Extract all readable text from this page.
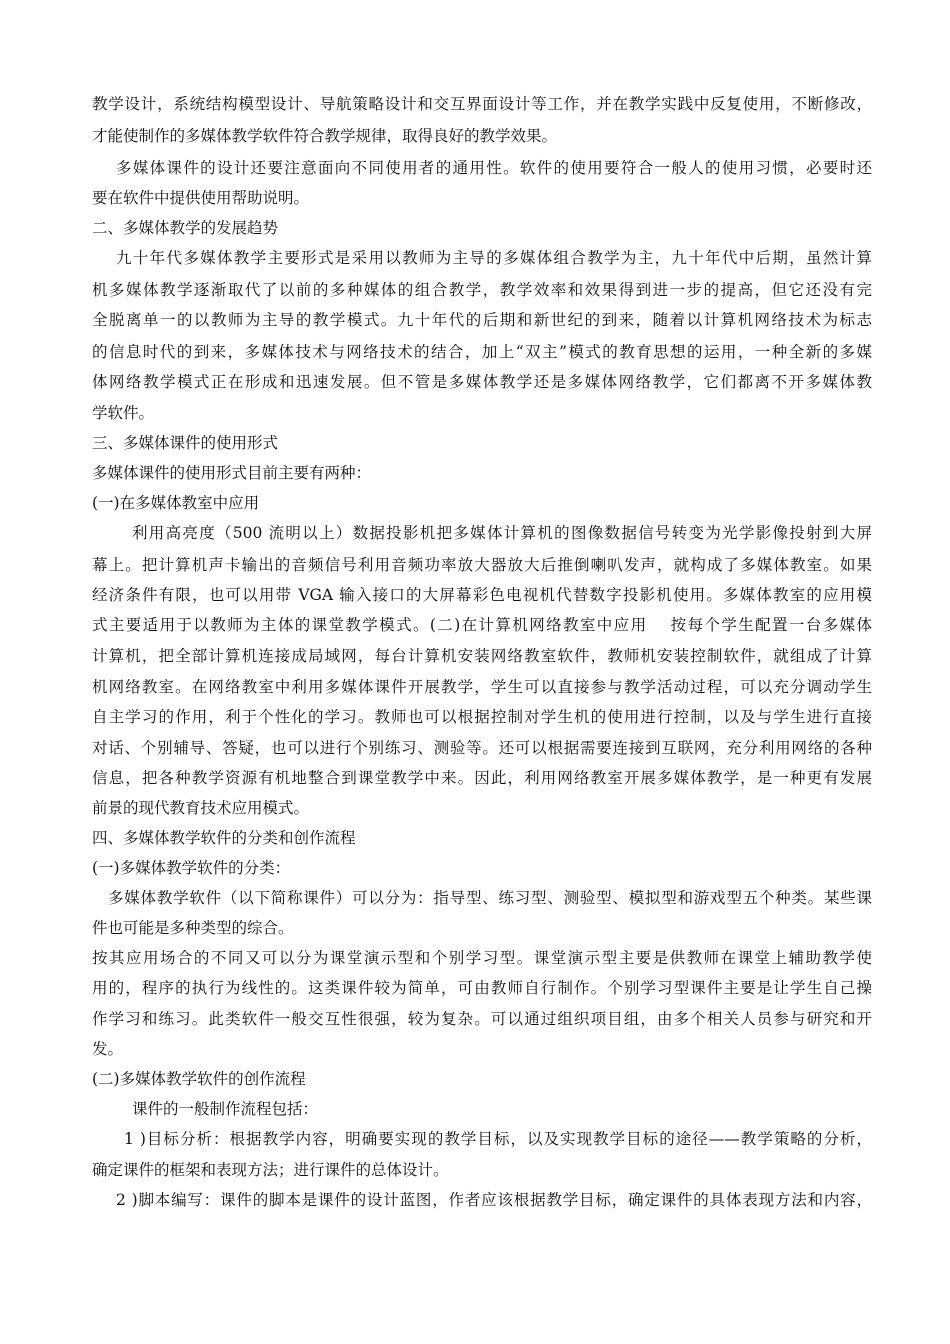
教学设计，系统结构模型设计、导航策略设计和交互界面设计等工作，并在教学实践中反复使用，不断修改，
才能使制作的多媒体教学软件符合教学规律，取得良好的教学效果。
多媒体课件的设计还要注意面向不同使用者的通用性。软件的使用要符合一般人的使用习惯，必要时还
要在软件中提供使用帮助说明。
二、多媒体教学的发展趋势
九十年代多媒体教学主要形式是采用以教师为主导的多媒体组合教学为主，九十年代中后期，虽然计算
机多媒体教学逐渐取代了以前的多种媒体的组合教学，教学效率和效果得到进一步的提高，但它还没有完
全脱离单一的以教师为主导的教学模式。九十年代的后期和新世纪的到来，随着以计算机网络技术为标志
的信息时代的到来，多媒体技术与网络技术的结合，加上“双主”模式的教育思想的运用，一种全新的多媒
体网络教学模式正在形成和迅速发展。但不管是多媒体教学还是多媒体网络教学，它们都离不开多媒体教
学软件。
三、多媒体课件的使用形式
多媒体课件的使用形式目前主要有两种：
(一)在多媒体教室中应用
利用高亮度（500 流明以上）数据投影机把多媒体计算机的图像数据信号转变为光学影像投射到大屏
幕上。把计算机声卡输出的音频信号利用音频功率放大器放大后推倒喇叭发声，就构成了多媒体教室。如果
经济条件有限，也可以用带 VGA 输入接口的大屏幕彩色电视机代替数字投影机使用。多媒体教室的应用模
式主要适用于以教师为主体的课堂教学模式。(二)在计算机网络教室中应用　 按每个学生配置一台多媒体
计算机，把全部计算机连接成局域网，每台计算机安装网络教室软件，教师机安装控制软件，就组成了计算
机网络教室。在网络教室中利用多媒体课件开展教学，学生可以直接参与教学活动过程，可以充分调动学生
自主学习的作用，利于个性化的学习。教师也可以根据控制对学生机的使用进行控制，以及与学生进行直接
对话、个别辅导、答疑，也可以进行个别练习、测验等。还可以根据需要连接到互联网，充分利用网络的各种
信息，把各种教学资源有机地整合到课堂教学中来。因此，利用网络教室开展多媒体教学，是一种更有发展
前景的现代教育技术应用模式。
四、多媒体教学软件的分类和创作流程
(一)多媒体教学软件的分类：
多媒体教学软件（以下简称课件）可以分为：指导型、练习型、测验型、模拟型和游戏型五个种类。某些课
件也可能是多种类型的综合。
按其应用场合的不同又可以分为课堂演示型和个别学习型。课堂演示型主要是供教师在课堂上辅助教学使
用的，程序的执行为线性的。这类课件较为简单，可由教师自行制作。个别学习型课件主要是让学生自己操
作学习和练习。此类软件一般交互性很强，较为复杂。可以通过组织项目组，由多个相关人员参与研究和开
发。
(二)多媒体教学软件的创作流程
课件的一般制作流程包括：
1 )目标分析：根据教学内容，明确要实现的教学目标，以及实现教学目标的途径——教学策略的分析，
确定课件的框架和表现方法；进行课件的总体设计。
2 )脚本编写：课件的脚本是课件的设计蓝图，作者应该根据教学目标，确定课件的具体表现方法和内容，
